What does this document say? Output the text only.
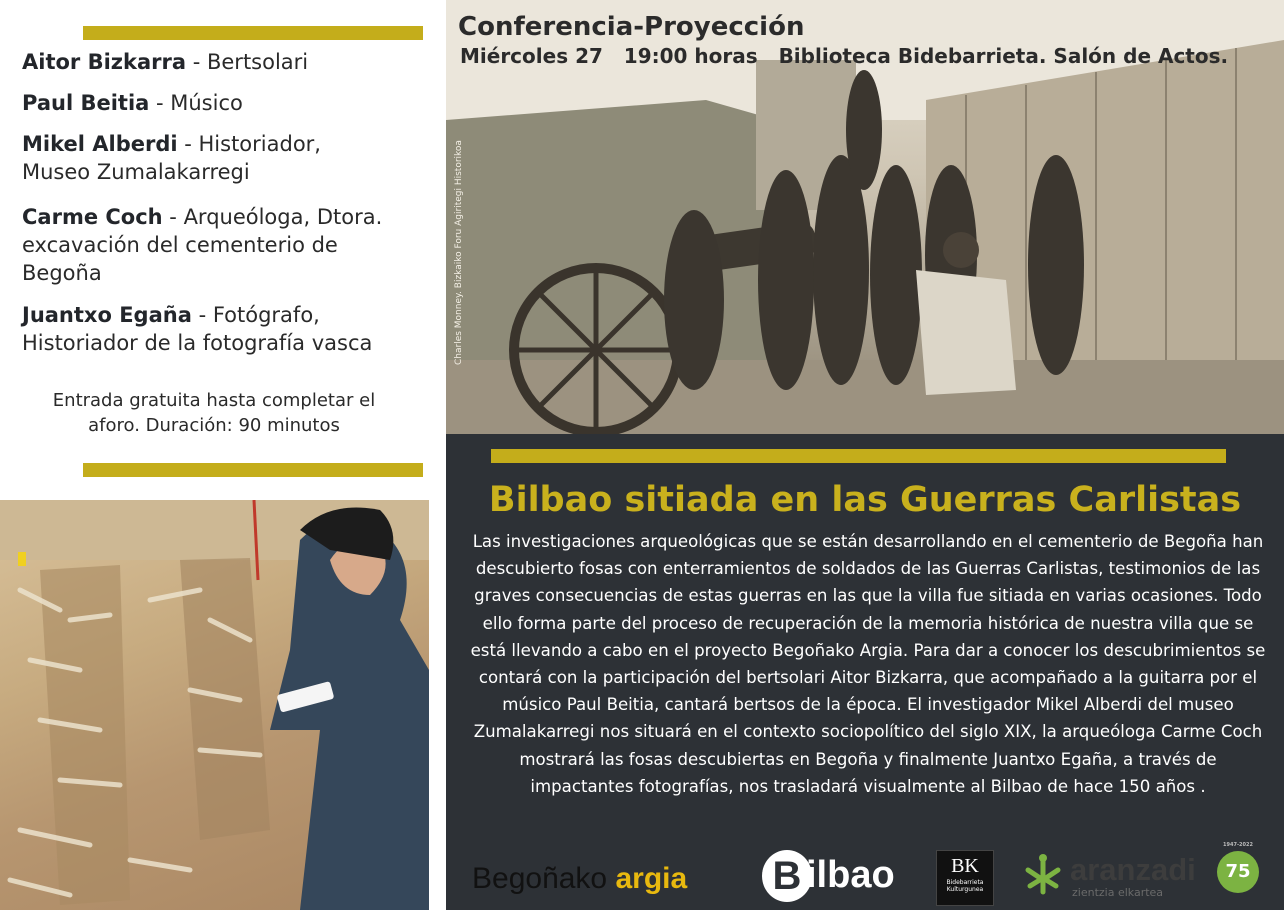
Aitor Bizkarra - Bertsolari
Paul Beitia - Músico
Mikel Alberdi - Historiador,
Museo Zumalakarregi
Carme Coch - Arqueóloga, Dtora.
excavación del cementerio de
Begoña
Juantxo Egaña - Fotógrafo,
Historiador de la fotografía vasca
Entrada gratuita hasta completar el
aforo. Duración: 90 minutos
Conferencia-Proyección
Miércoles 27 19:00 horas Biblioteca Bidebarrieta. Salón de Actos.
Charles Monney. Bizkaiko Foru Agiritegi Historikoa
Bilbao sitiada en las Guerras Carlistas
Las investigaciones arqueológicas que se están desarrollando en el cementerio de Begoña han descubierto fosas con enterramientos de soldados de las Guerras Carlistas, testimonios de las graves consecuencias de estas guerras en las que la villa fue sitiada en varias ocasiones. Todo ello forma parte del proceso de recuperación de la memoria histórica de nuestra villa que se está llevando a cabo en el proyecto Begoñako Argia. Para dar a conocer los descubrimientos se contará con la participación del bertsolari Aitor Bizkarra, que acompañado a la guitarra por el músico Paul Beitia, cantará bertsos de la época. El investigador Mikel Alberdi del museo Zumalakarregi nos situará en el contexto sociopolítico del siglo XIX, la arqueóloga Carme Coch mostrará las fosas descubiertas en Begoña y finalmente Juantxo Egaña, a través de impactantes fotografías, nos trasladará visualmente al Bilbao de hace 150 años .
Begoñako argia B ilbao	BK
Bidebarrieta
Kulturgunea
aranzadi
zientzia elkartea
1947-2022
75
